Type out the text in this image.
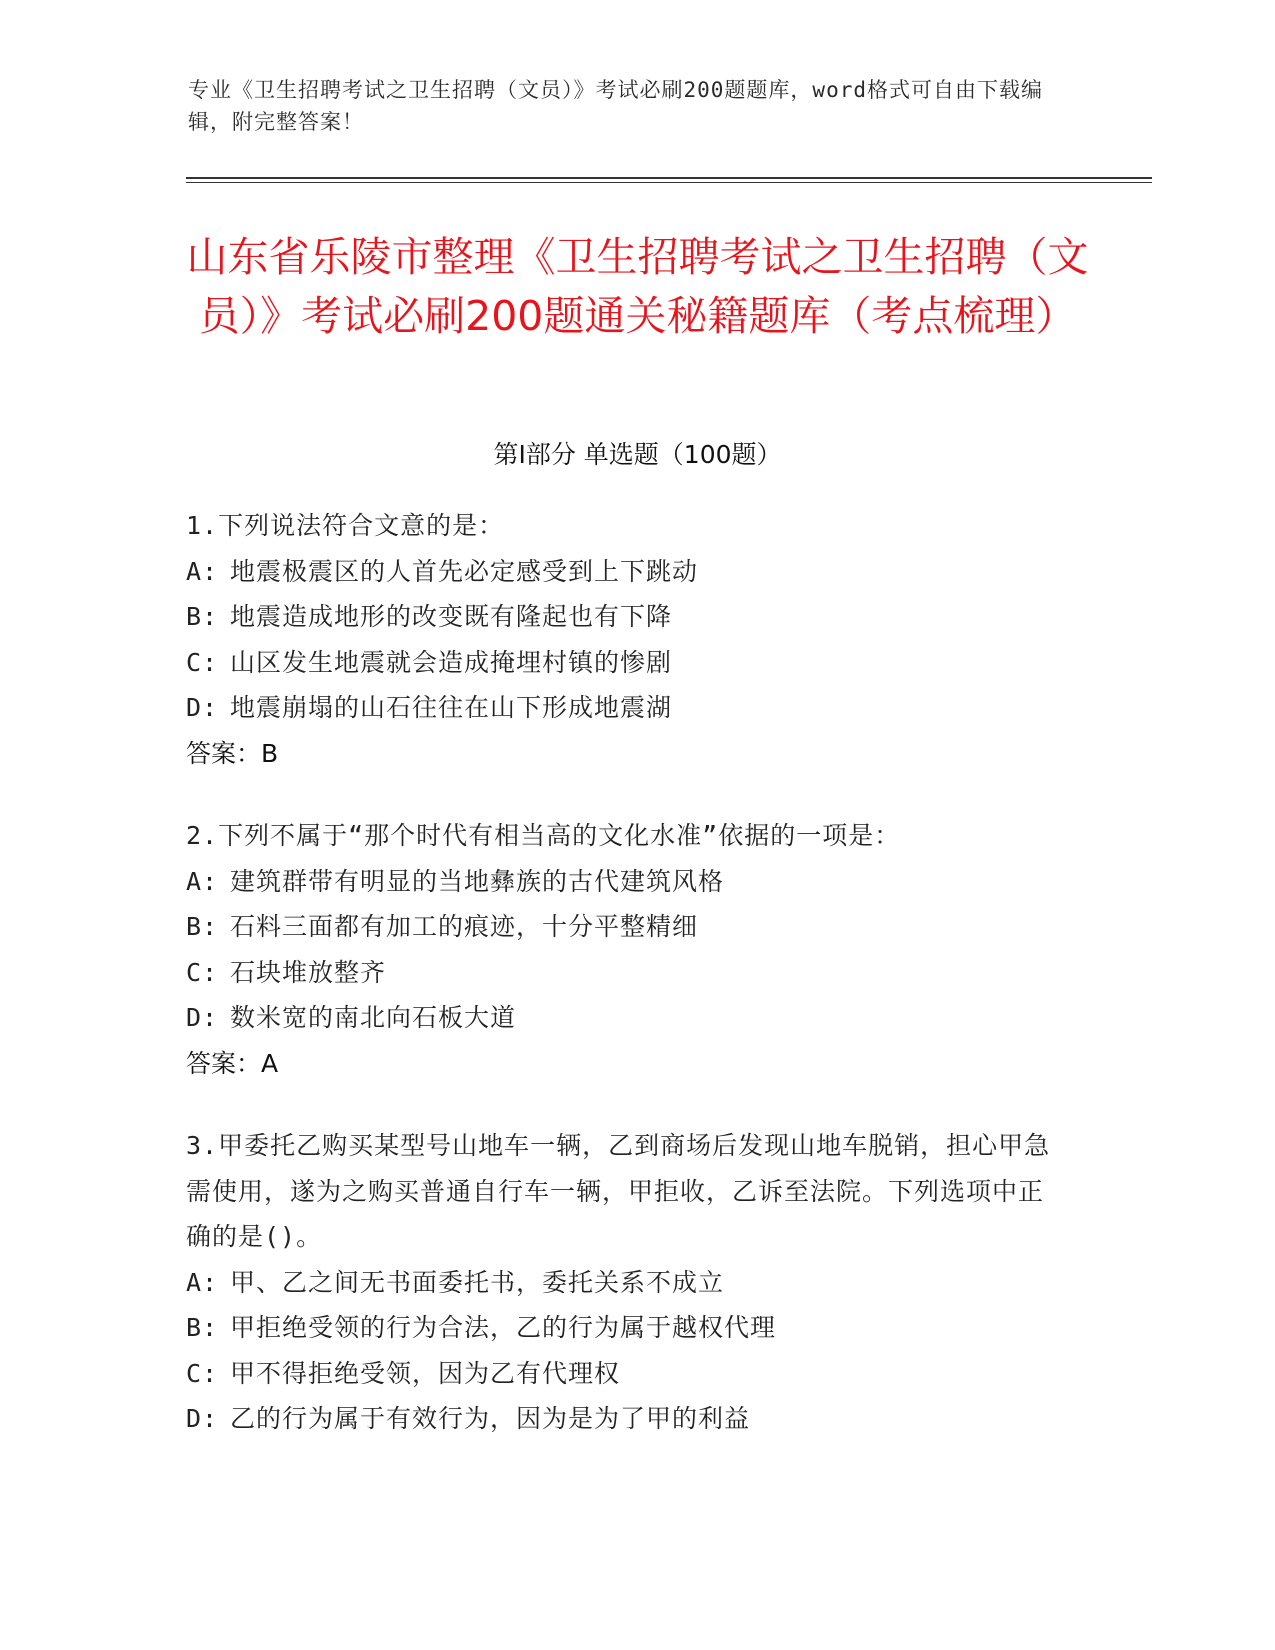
专业《卫生招聘考试之卫生招聘（文员）》考试必刷200题题库，word格式可自由下载编辑，附完整答案！
山东省乐陵市整理《卫生招聘考试之卫生招聘（文员）》考试必刷200题通关秘籍题库（考点梳理）
第Ⅰ部分 单选题（100题）
1.下列说法符合文意的是：
A: 地震极震区的人首先必定感受到上下跳动
B: 地震造成地形的改变既有隆起也有下降
C: 山区发生地震就会造成掩埋村镇的惨剧
D: 地震崩塌的山石往往在山下形成地震湖
答案：B
2.下列不属于“那个时代有相当高的文化水准”依据的一项是：
A: 建筑群带有明显的当地彝族的古代建筑风格
B: 石料三面都有加工的痕迹，十分平整精细
C: 石块堆放整齐
D: 数米宽的南北向石板大道
答案：A
3.甲委托乙购买某型号山地车一辆，乙到商场后发现山地车脱销，担心甲急需使用，遂为之购买普通自行车一辆，甲拒收，乙诉至法院。下列选项中正确的是()。
A: 甲、乙之间无书面委托书，委托关系不成立
B: 甲拒绝受领的行为合法，乙的行为属于越权代理
C: 甲不得拒绝受领，因为乙有代理权
D: 乙的行为属于有效行为，因为是为了甲的利益
